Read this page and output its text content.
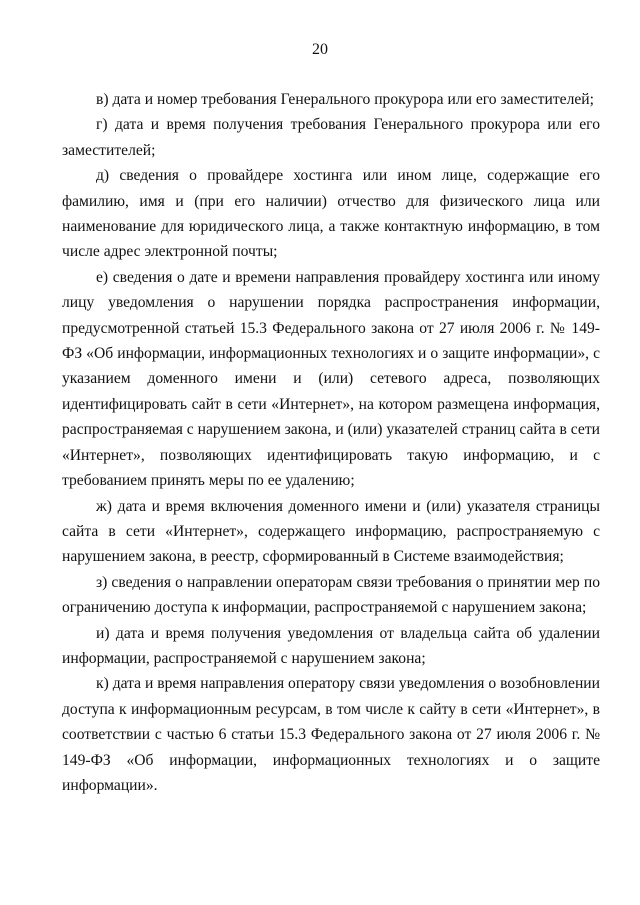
20

в) дата и номер требования Генерального прокурора или его заместителей;

г) дата и время получения требования Генерального прокурора или его заместителей;

д) сведения о провайдере хостинга или ином лице, содержащие его фамилию, имя и (при его наличии) отчество для физического лица или наименование для юридического лица, а также контактную информацию, в том числе адрес электронной почты;

е) сведения о дате и времени направления провайдеру хостинга или иному лицу уведомления о нарушении порядка распространения информации, предусмотренной статьей 15.3 Федерального закона от 27 июля 2006 г. № 149-ФЗ «Об информации, информационных технологиях и о защите информации», с указанием доменного имени и (или) сетевого адреса, позволяющих идентифицировать сайт в сети «Интернет», на котором размещена информация, распространяемая с нарушением закона, и (или) указателей страниц сайта в сети «Интернет», позволяющих идентифицировать такую информацию, и с требованием принять меры по ее удалению;

ж) дата и время включения доменного имени и (или) указателя страницы сайта в сети «Интернет», содержащего информацию, распространяемую с нарушением закона, в реестр, сформированный в Системе взаимодействия;

з) сведения о направлении операторам связи требования о принятии мер по ограничению доступа к информации, распространяемой с нарушением закона;

и) дата и время получения уведомления от владельца сайта об удалении информации, распространяемой с нарушением закона;

к) дата и время направления оператору связи уведомления о возобновлении доступа к информационным ресурсам, в том числе к сайту в сети «Интернет», в соответствии с частью 6 статьи 15.3 Федерального закона от 27 июля 2006 г. № 149-ФЗ «Об информации, информационных технологиях и о защите информации».
